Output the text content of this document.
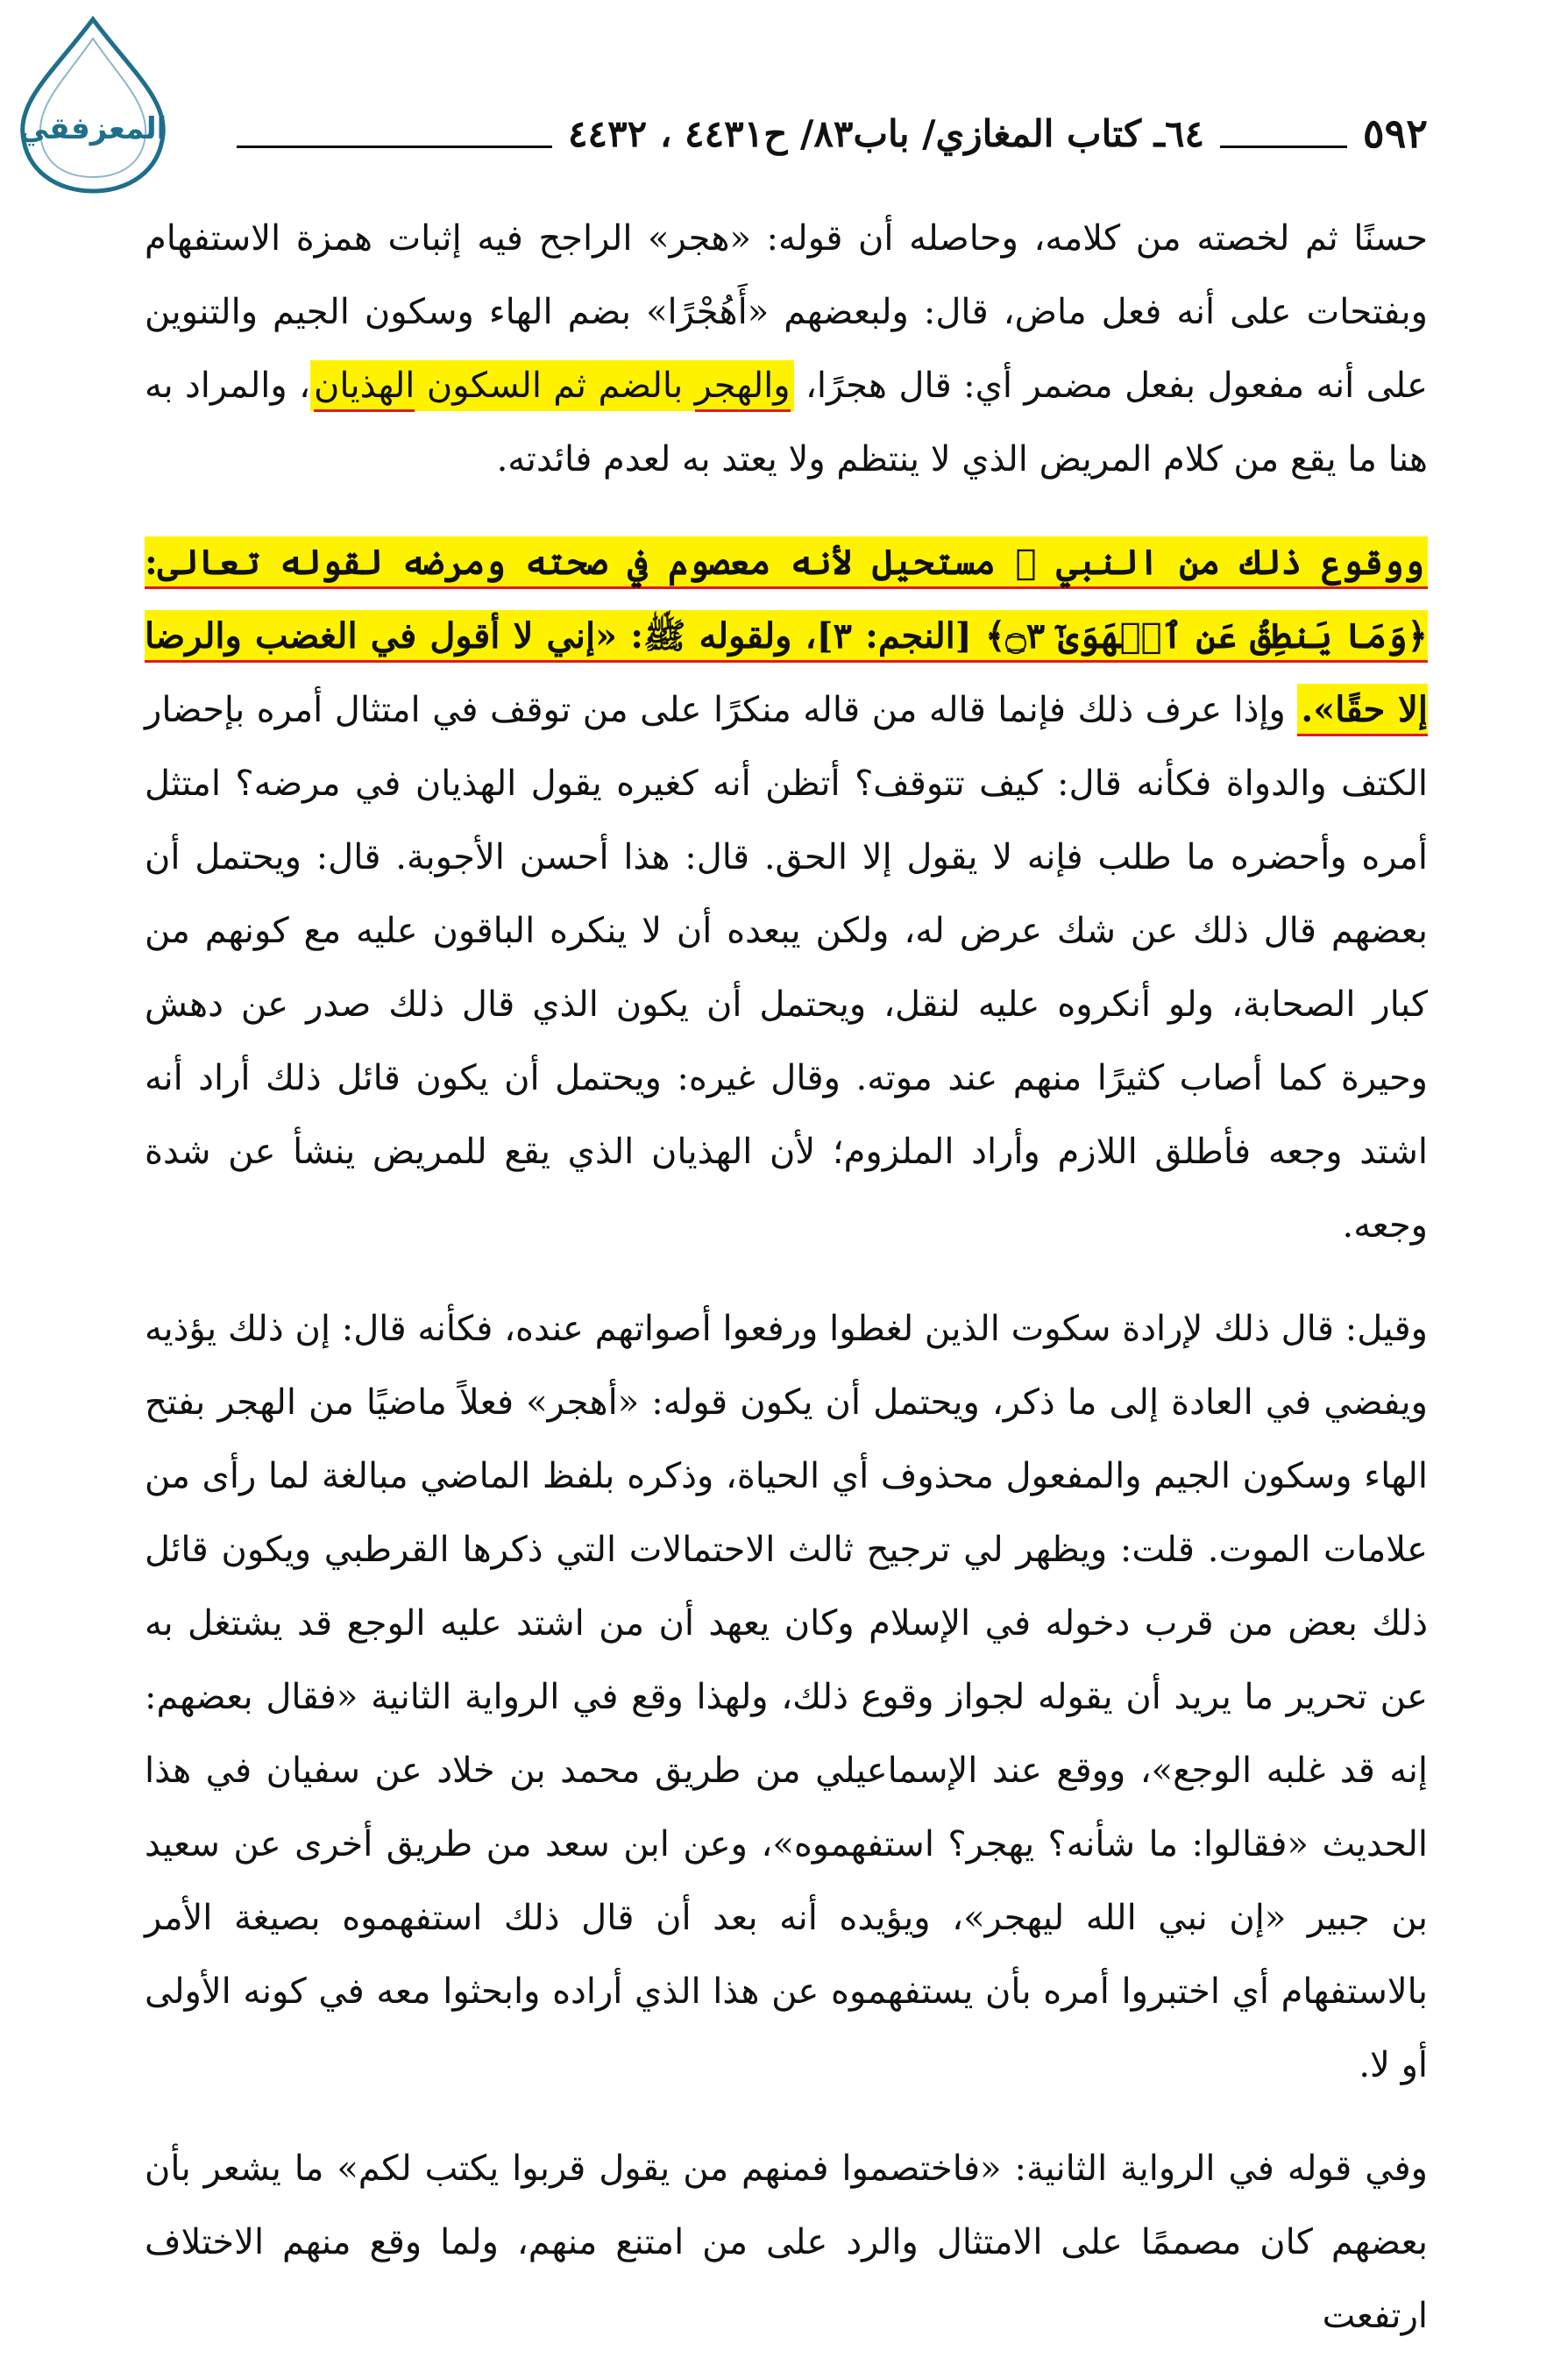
المعزفقي	٥٩٢
٦٤ـ كتاب المغازي/ باب٨٣/ ح٤٤٣١ ، ٤٤٣٢

حسنًا ثم لخصته من كلامه، وحاصله أن قوله: «هجر» الراجح فيه إثبات همزة الاستفهام وبفتحات على أنه فعل ماض، قال: ولبعضهم «أَهُجْرًا» بضم الهاء وسكون الجيم والتنوين على أنه مفعول بفعل مضمر أي: قال هجرًا، والهجر بالضم ثم السكون الهذيان، والمراد به هنا ما يقع من كلام المريض الذي لا ينتظم ولا يعتد به لعدم فائدته.

ووقوع ذلك من النبي ﷺ مستحيل لأنه معصوم في صحته ومرضه لقوله تعالى: ﴿وَمَا يَنطِقُ عَنِ ٱلۡهَوَىٰٓ ۝٣﴾ [النجم: ٣]، ولقوله ﷺ: «إني لا أقول في الغضب والرضا إلا حقًا». وإذا عرف ذلك فإنما قاله من قاله منكرًا على من توقف في امتثال أمره بإحضار الكتف والدواة فكأنه قال: كيف تتوقف؟ أتظن أنه كغيره يقول الهذيان في مرضه؟ امتثل أمره وأحضره ما طلب فإنه لا يقول إلا الحق. قال: هذا أحسن الأجوبة. قال: ويحتمل أن بعضهم قال ذلك عن شك عرض له، ولكن يبعده أن لا ينكره الباقون عليه مع كونهم من كبار الصحابة، ولو أنكروه عليه لنقل، ويحتمل أن يكون الذي قال ذلك صدر عن دهش وحيرة كما أصاب كثيرًا منهم عند موته. وقال غيره: ويحتمل أن يكون قائل ذلك أراد أنه اشتد وجعه فأطلق اللازم وأراد الملزوم؛ لأن الهذيان الذي يقع للمريض ينشأ عن شدة وجعه.

وقيل: قال ذلك لإرادة سكوت الذين لغطوا ورفعوا أصواتهم عنده، فكأنه قال: إن ذلك يؤذيه ويفضي في العادة إلى ما ذكر، ويحتمل أن يكون قوله: «أهجر» فعلاً ماضيًا من الهجر بفتح الهاء وسكون الجيم والمفعول محذوف أي الحياة، وذكره بلفظ الماضي مبالغة لما رأى من علامات الموت. قلت: ويظهر لي ترجيح ثالث الاحتمالات التي ذكرها القرطبي ويكون قائل ذلك بعض من قرب دخوله في الإسلام وكان يعهد أن من اشتد عليه الوجع قد يشتغل به عن تحرير ما يريد أن يقوله لجواز وقوع ذلك، ولهذا وقع في الرواية الثانية «فقال بعضهم: إنه قد غلبه الوجع»، ووقع عند الإسماعيلي من طريق محمد بن خلاد عن سفيان في هذا الحديث «فقالوا: ما شأنه؟ يهجر؟ استفهموه»، وعن ابن سعد من طريق أخرى عن سعيد بن جبير «إن نبي الله ليهجر»، ويؤيده أنه بعد أن قال ذلك استفهموه بصيغة الأمر بالاستفهام أي اختبروا أمره بأن يستفهموه عن هذا الذي أراده وابحثوا معه في كونه الأولى أو لا.

وفي قوله في الرواية الثانية: «فاختصموا فمنهم من يقول قربوا يكتب لكم» ما يشعر بأن بعضهم كان مصممًا على الامتثال والرد على من امتنع منهم، ولما وقع منهم الاختلاف ارتفعت
